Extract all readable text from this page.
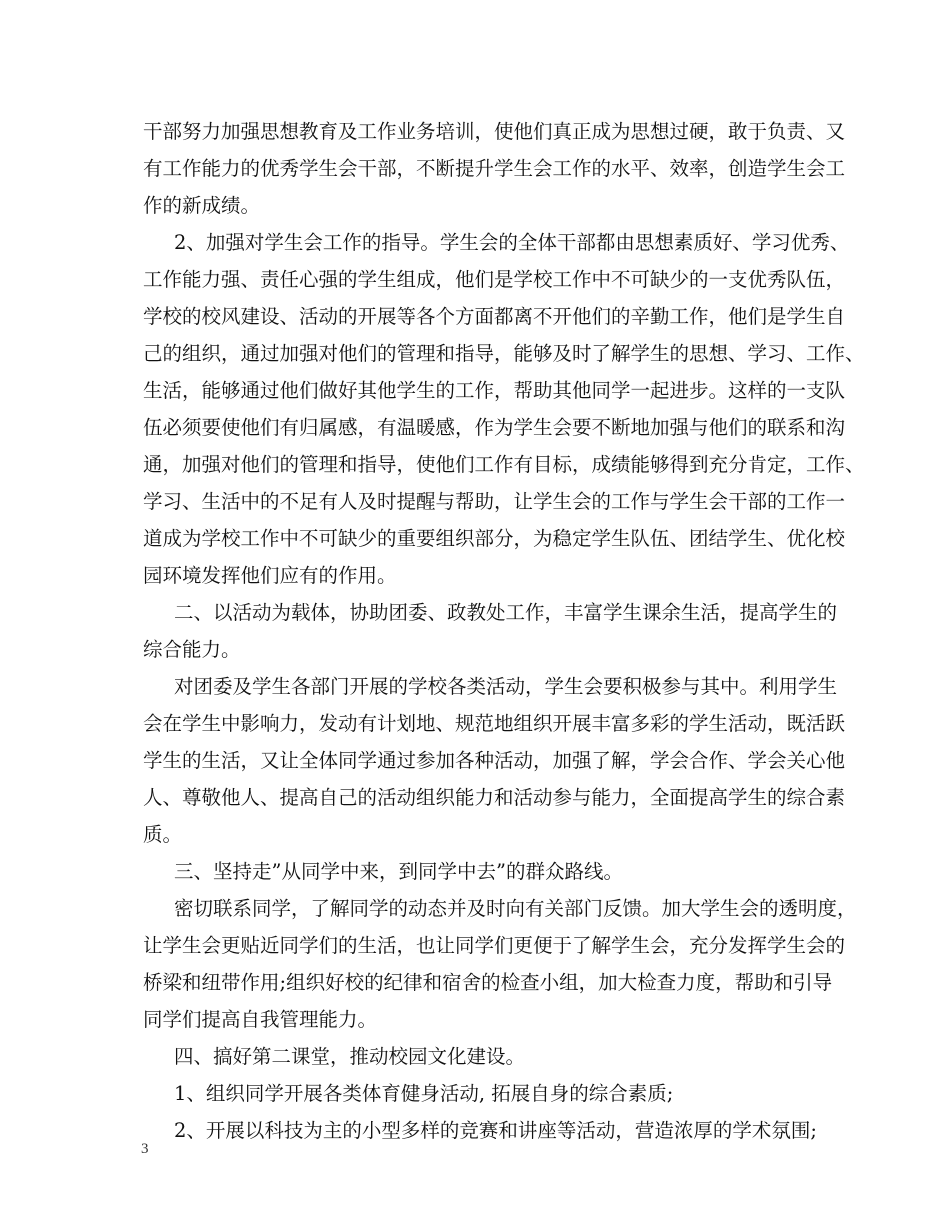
干部努力加强思想教育及工作业务培训，使他们真正成为思想过硬，敢于负责、又
有工作能力的优秀学生会干部，不断提升学生会工作的水平、效率，创造学生会工
作的新成绩。
2、加强对学生会工作的指导。学生会的全体干部都由思想素质好、学习优秀、
工作能力强、责任心强的学生组成，他们是学校工作中不可缺少的一支优秀队伍，
学校的校风建设、活动的开展等各个方面都离不开他们的辛勤工作，他们是学生自
己的组织，通过加强对他们的管理和指导，能够及时了解学生的思想、学习、工作、
生活，能够通过他们做好其他学生的工作，帮助其他同学一起进步。这样的一支队
伍必须要使他们有归属感，有温暖感，作为学生会要不断地加强与他们的联系和沟
通，加强对他们的管理和指导，使他们工作有目标，成绩能够得到充分肯定，工作、
学习、生活中的不足有人及时提醒与帮助，让学生会的工作与学生会干部的工作一
道成为学校工作中不可缺少的重要组织部分，为稳定学生队伍、团结学生、优化校
园环境发挥他们应有的作用。
二、以活动为载体，协助团委、政教处工作，丰富学生课余生活，提高学生的
综合能力。
对团委及学生各部门开展的学校各类活动，学生会要积极参与其中。利用学生
会在学生中影响力，发动有计划地、规范地组织开展丰富多彩的学生活动，既活跃
学生的生活，又让全体同学通过参加各种活动，加强了解，学会合作、学会关心他
人、尊敬他人、提高自己的活动组织能力和活动参与能力，全面提高学生的综合素
质。
三、坚持走”从同学中来，到同学中去”的群众路线。
密切联系同学，了解同学的动态并及时向有关部门反馈。加大学生会的透明度，
让学生会更贴近同学们的生活，也让同学们更便于了解学生会，充分发挥学生会的
桥梁和纽带作用;组织好校的纪律和宿舍的检查小组，加大检查力度，帮助和引导
同学们提高自我管理能力。
四、搞好第二课堂，推动校园文化建设。
1、组织同学开展各类体育健身活动, 拓展自身的综合素质;
2、开展以科技为主的小型多样的竞赛和讲座等活动，营造浓厚的学术氛围;
3
